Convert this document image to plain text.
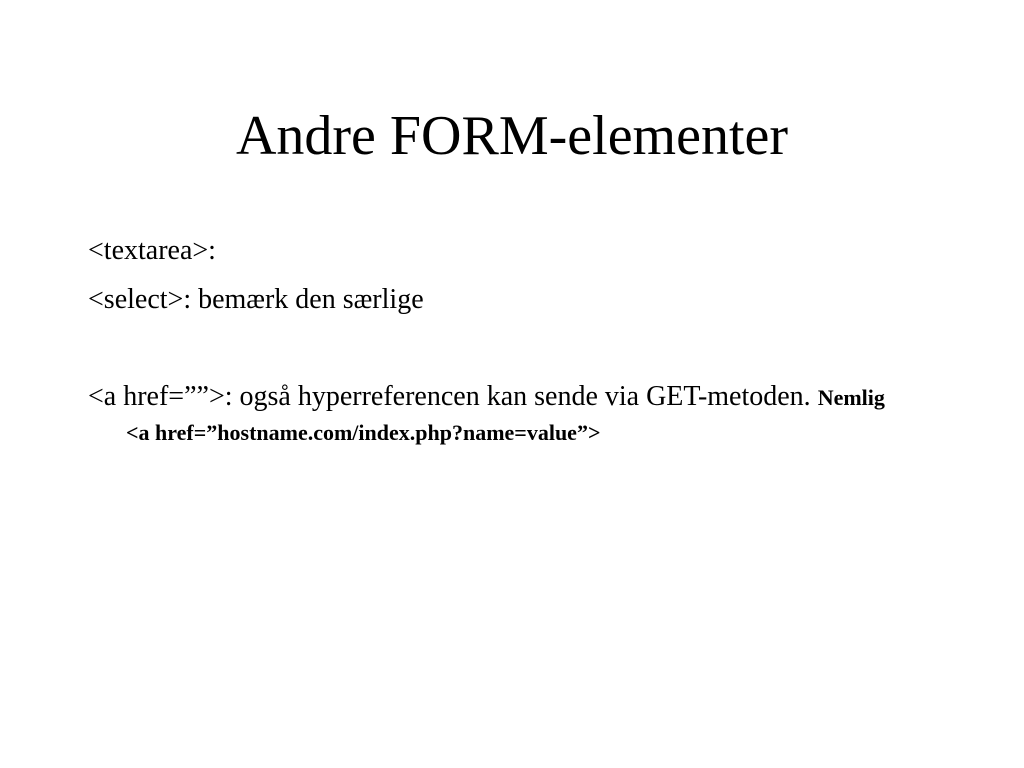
Andre FORM-elementer

<textarea>:

<select>: bemærk den særlige

<a href=””>: også hyperreferencen kan sende via GET-metoden. Nemlig <a href=”hostname.com/index.php?name=value”>
